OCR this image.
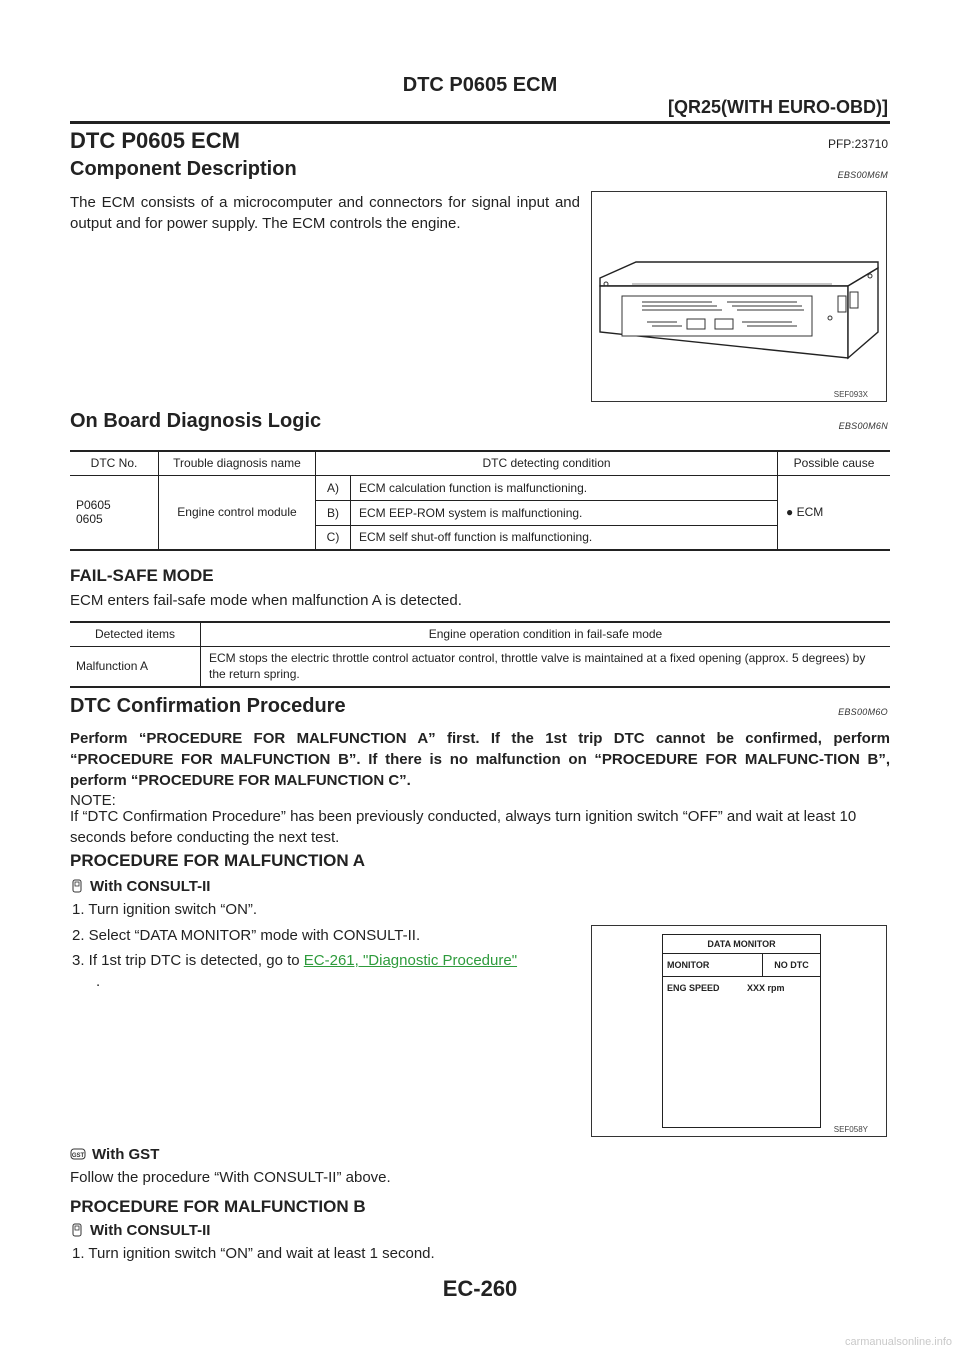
DTC P0605 ECM
[QR25(WITH EURO-OBD)]
DTC P0605 ECM	PFP:23710
Component Description	EBS00M6M
The ECM consists of a microcomputer and connectors for signal input and output and for power supply. The ECM controls the engine.
SEF093X
On Board Diagnosis Logic	EBS00M6N
DTC No.	Trouble diagnosis name	DTC detecting condition		Possible cause
P0605
0605	Engine control module	A)	ECM calculation function is malfunctioning.	● ECM
		B)	ECM EEP-ROM system is malfunctioning.	
		C)	ECM self shut-off function is malfunctioning.	
FAIL-SAFE MODE
ECM enters fail-safe mode when malfunction A is detected.
Detected items	Engine operation condition in fail-safe mode
Malfunction A	ECM stops the electric throttle control actuator control, throttle valve is maintained at a fixed opening (approx. 5 degrees) by the return spring.
DTC Confirmation Procedure	EBS00M6O
Perform “PROCEDURE FOR MALFUNCTION A” first. If the 1st trip DTC cannot be confirmed, perform “PROCEDURE FOR MALFUNCTION B”. If there is no malfunction on “PROCEDURE FOR MALFUNC-TION B”, perform “PROCEDURE FOR MALFUNCTION C”.
NOTE:
If “DTC Confirmation Procedure” has been previously conducted, always turn ignition switch “OFF” and wait at least 10 seconds before conducting the next test.
PROCEDURE FOR MALFUNCTION A
With CONSULT-II
1. Turn ignition switch “ON”.
2. Select “DATA MONITOR” mode with CONSULT-II.
3. If 1st trip DTC is detected, go to EC-261, "Diagnostic Procedure"
.
DATA MONITOR
MONITOR	NO DTC
ENG SPEED	XXX rpm
SEF058Y
GST With GST
Follow the procedure “With CONSULT-II” above.
PROCEDURE FOR MALFUNCTION B
With CONSULT-II
1. Turn ignition switch “ON” and wait at least 1 second.
EC-260
carmanualsonline.info
